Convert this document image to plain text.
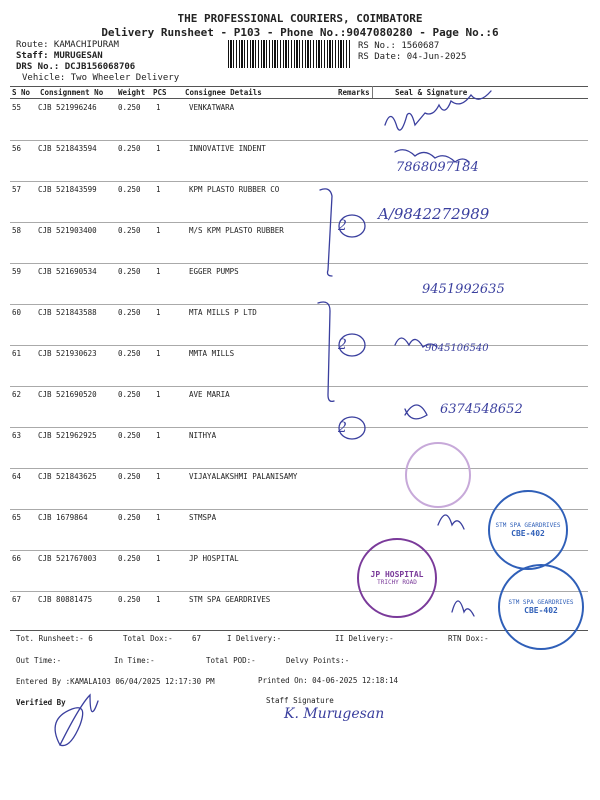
THE PROFESSIONAL COURIERS, COIMBATORE
Delivery Runsheet - P103 - Phone No.:9047080280 - Page No.:6
Route: KAMACHIPURAM
Staff: MURUGESAN
DRS No.: DCJB156068706
Vehicle: Two Wheeler Delivery
RS No.: 1560687
RS Date: 04-Jun-2025
S No Consignment No Weight PCS Consignee Details	Remarks	Seal & Signature
55 CJB 521996246	0.250 1	VENKATWARA
56 CJB 521843594	0.250 1	INNOVATIVE INDENT
57 CJB 521843599	0.250 1	KPM PLASTO RUBBER CO
58 CJB 521903400	0.250 1	M/S KPM PLASTO RUBBER
59 CJB 521690534	0.250 1	EGGER PUMPS
60 CJB 521843588	0.250 1	MTA MILLS P LTD
61 CJB 521930623	0.250 1	MMTA MILLS
62 CJB 521690520	0.250 1	AVE MARIA
63 CJB 521962925	0.250 1	NITHYA
64 CJB 521843625	0.250 1	VIJAYALAKSHMI PALANISAMY
65 CJB 1679864	0.250 1	STMSPA
66 CJB 521767003	0.250 1	JP HOSPITAL
67 CJB 80881475	0.250 1	STM SPA GEARDRIVES
7868097184
2
A/9842272989
9451992635
2	9045106540
2
6374548652
JP HOSPITAL
TRICHY ROAD
STM SPA GEARDRIVES
CBE-402
STM SPA GEARDRIVES
CBE-402
Tot. Runsheet:- 6	Total Dox:-	67	I Delivery:-	II Delivery:-	RTN Dox:-
Out Time:-	In Time:-	Total POD:-	Delvy Points:-
Entered By :KAMALA103 06/04/2025 12:17:30 PM	Printed On: 04-06-2025 12:18:14
Verified By	Staff Signature
K. Murugesan
